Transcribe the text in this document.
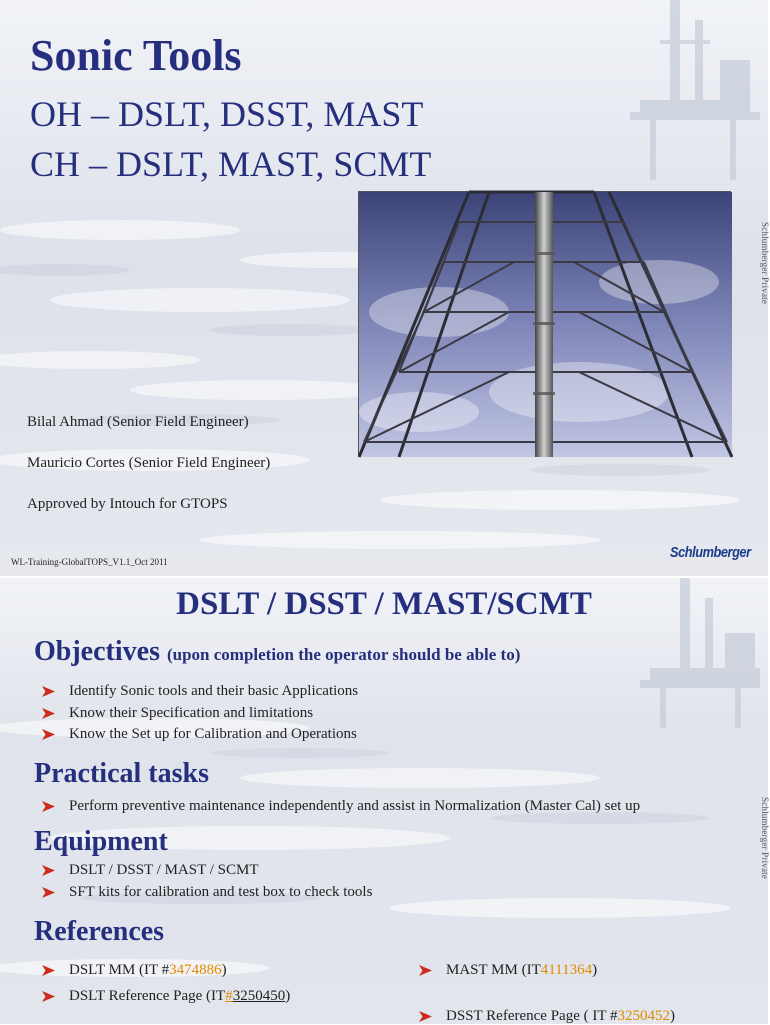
Sonic Tools
OH – DSLT, DSST, MAST
CH – DSLT, MAST, SCMT
Bilal Ahmad (Senior Field Engineer)
Mauricio Cortes (Senior Field Engineer)
Approved by Intouch for GTOPS
Schlumberger Private
WL-Training-GlobalTOPS_V1.1_Oct 2011
Schlumberger
DSLT / DSST / MAST/SCMT
Objectives (upon completion the operator should be able to)
Identify Sonic tools and their basic Applications
Know their Specification and limitations
Know the Set up for Calibration and Operations
Practical tasks
Perform preventive maintenance independently and assist in Normalization (Master Cal) set up
Equipment
DSLT / DSST / MAST / SCMT
SFT kits for calibration and test box to check tools
References
DSLT MM (IT # 3474886 )
DSLT Reference Page (IT # 3250450 )
MAST MM (IT 4111364 )
DSST Reference Page ( IT # 3250452 )
Schlumberger Private
